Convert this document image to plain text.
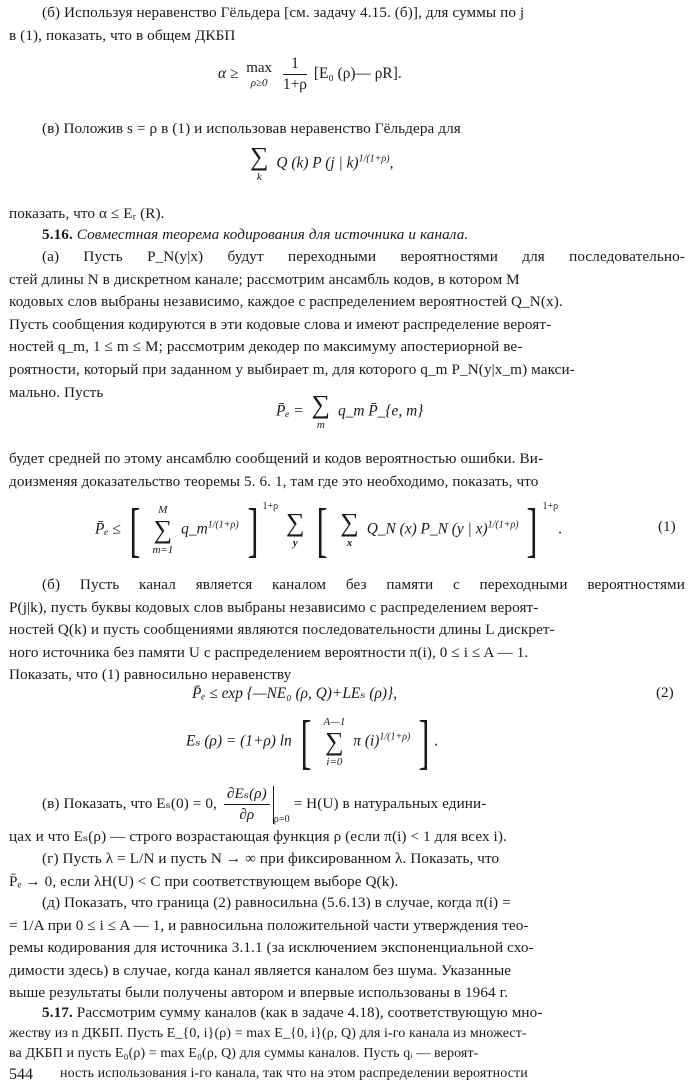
(б) Используя неравенство Гёльдера [см. задачу 4.15. (б)], для суммы по j
в (1), показать, что в общем ДКБП
α ≥ max
ρ≥0
$\frac{1}{1+\rho} [E_0$ (ρ)— ρR].
(в) Положив s = ρ в (1) и использовав неравенство Гёльдера для
∑
k
Q (k) P (j | k)$^{1/(1+\rho)}$,
показать, что α ≤ Eᵣ (R).
5.16. Совместная теорема кодирования для источника и канала.
(а) Пусть P_N(y|x) будут переходными вероятностями для последовательно-
стей длины N в дискретном канале; рассмотрим ансамбль кодов, в котором M
кодовых слов выбраны независимо, каждое с распределением вероятностей Q_N(x).
Пусть сообщения кодируются в эти кодовые слова и имеют распределение вероят-
ностей q_m, 1 ≤ m ≤ M; рассмотрим декодер по максимуму апостериорной ве-
роятности, который при заданном y выбирает m, для которого q_m P_N(y|x_m) макси-
мально. Пусть
P̄ₑ = ∑
m
q_m P̄_{e, m}
будет средней по этому ансамблю сообщений и кодов вероятностью ошибки. Ви-
доизменяя доказательство теоремы 5. 6. 1, там где это необходимо, показать, что
P̄ₑ ≤ [	M
∑
m=1
$q\_m^{1/(1+\rho)}$ ] $^{1+\rho}$
∑
y [ ∑
x
Q_N (x) P_N (y | x)$^{1/(1+\rho)}$ ] $^{1+\rho}$.	(1)
(б) Пусть канал является каналом без памяти с переходными вероятностями
P(j|k), пусть буквы кодовых слов выбраны независимо с распределением вероят-
ностей Q(k) и пусть сообщениями являются последовательности длины L дискрет-
ного источника без памяти U с распределением вероятности π(i), 0 ≤ i ≤ A — 1.
Показать, что (1) равносильно неравенству
P̄ₑ ≤ exp {—NE₀ (ρ, Q)+LEₛ (ρ)},	(2)
Eₛ (ρ) = (1+ρ) ln [ A—1
∑
i=0
π $(i)^{1/(1+\rho)}$ ] .
(в) Показать, что Eₛ(0) = 0, $\frac{\text{∂Eₛ(ρ)}}{\partial\rho} _{\rho=0} = H(U)$ в натуральных едини-
цах и что Eₛ(ρ) — строго возрастающая функция ρ (если π(i) < 1 для всех i).
(г) Пусть λ = L/N и пусть N → ∞ при фиксированном λ. Показать, что
P̄ₑ → 0, если λH(U) < C при соответствующем выборе Q(k).
(д) Показать, что граница (2) равносильна (5.6.13) в случае, когда π(i) =
= 1/A при 0 ≤ i ≤ A — 1, и равносильна положительной части утверждения тео-
ремы кодирования для источника 3.1.1 (за исключением экспоненциальной схо-
димости здесь) в случае, когда канал является каналом без шума. Указанные
выше результаты были получены автором и впервые использованы в 1964 г.
5.17. Рассмотрим сумму каналов (как в задаче 4.18), соответствующую мно-
жеству из n ДКБП. Пусть E_{0, i}(ρ) = max E_{0, i}(ρ, Q) для i-го канала из множест-
ва ДКБП и пусть E₀(ρ) = max E₀(ρ, Q) для суммы каналов. Пусть qᵢ — вероят-
ность использования i-го канала, так что на этом распределении вероятности
544
